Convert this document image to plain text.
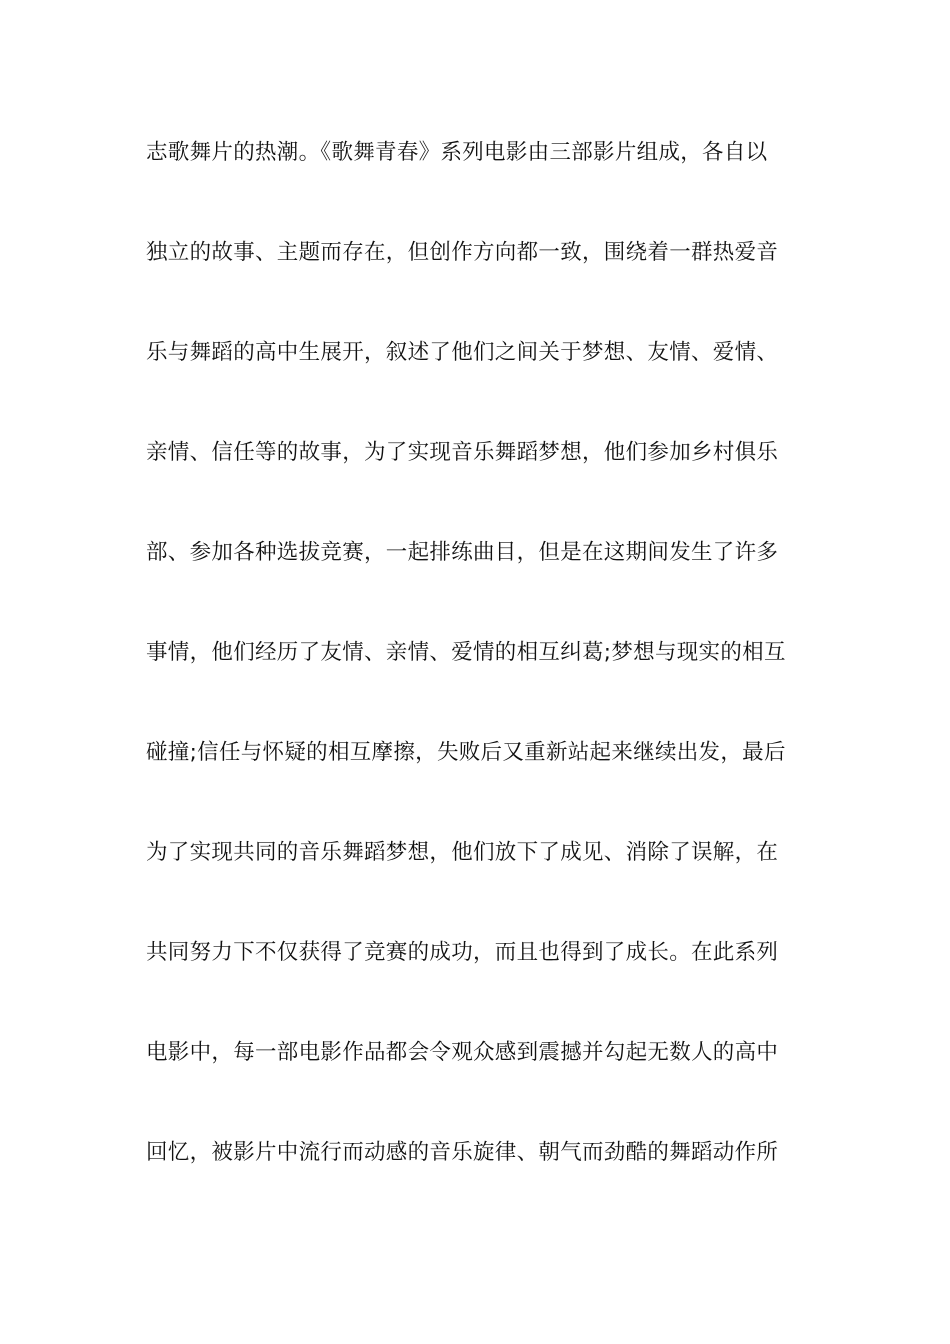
志歌舞片的热潮。《歌舞青春》系列电影由三部影片组成，各自以
独立的故事、主题而存在，但创作方向都一致，围绕着一群热爱音
乐与舞蹈的高中生展开，叙述了他们之间关于梦想、友情、爱情、
亲情、信任等的故事，为了实现音乐舞蹈梦想，他们参加乡村俱乐
部、参加各种选拔竞赛，一起排练曲目，但是在这期间发生了许多
事情，他们经历了友情、亲情、爱情的相互纠葛;梦想与现实的相互
碰撞;信任与怀疑的相互摩擦，失败后又重新站起来继续出发，最后
为了实现共同的音乐舞蹈梦想，他们放下了成见、消除了误解，在
共同努力下不仅获得了竞赛的成功，而且也得到了成长。在此系列
电影中，每一部电影作品都会令观众感到震撼并勾起无数人的高中
回忆，被影片中流行而动感的音乐旋律、朝气而劲酷的舞蹈动作所
